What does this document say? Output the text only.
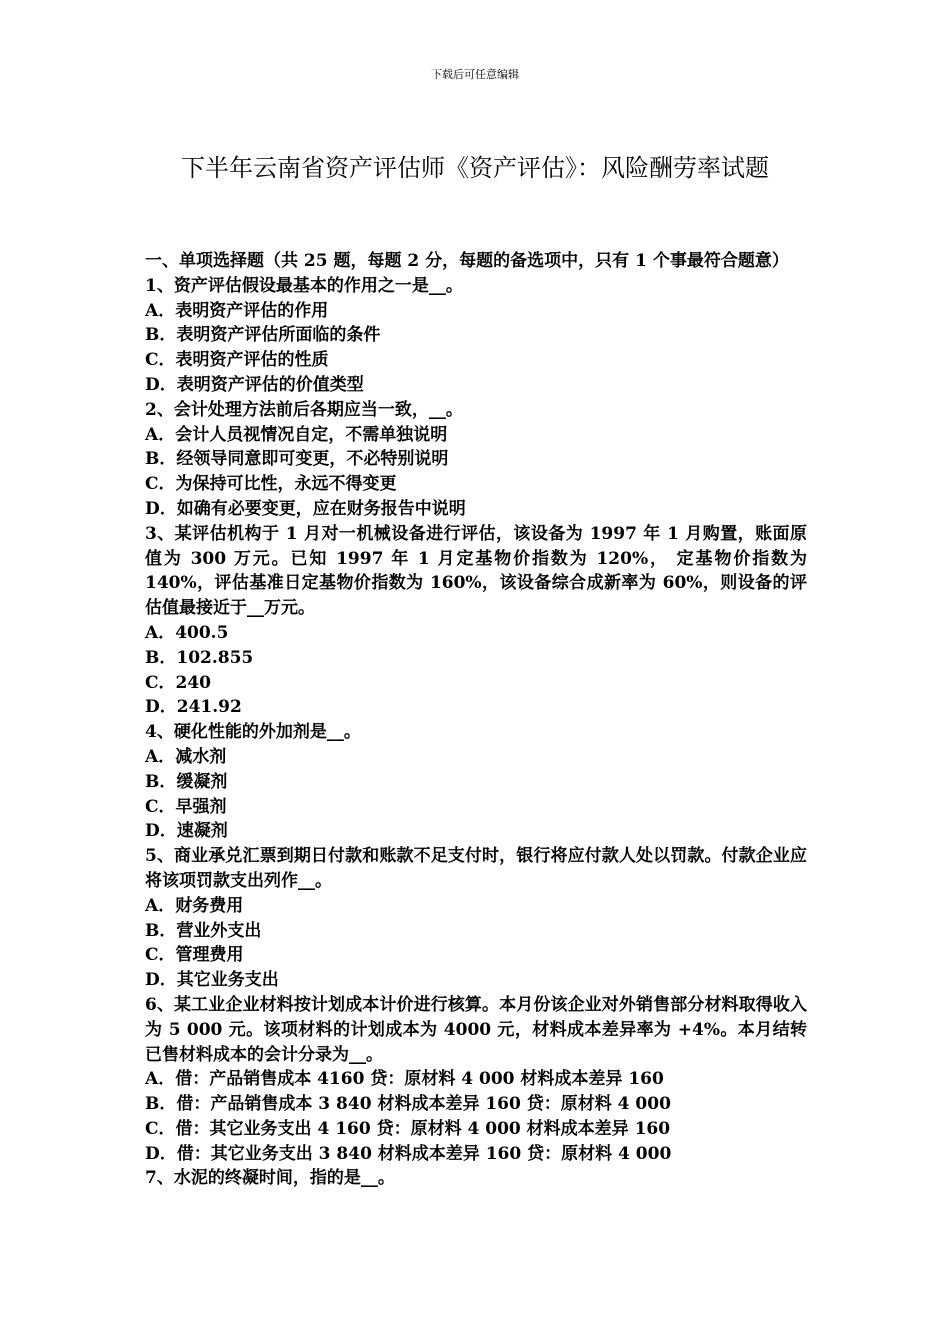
下载后可任意编辑
下半年云南省资产评估师《资产评估》：风险酬劳率试题
一、单项选择题（共 25 题，每题 2 分，每题的备选项中，只有 1 个事最符合题意）
1、资产评估假设最基本的作用之一是__。
A．表明资产评估的作用
B．表明资产评估所面临的条件
C．表明资产评估的性质
D．表明资产评估的价值类型
2、会计处理方法前后各期应当一致，__。
A．会计人员视情况自定，不需单独说明
B．经领导同意即可变更，不必特别说明
C．为保持可比性，永远不得变更
D．如确有必要变更，应在财务报告中说明
3、某评估机构于 1 月对一机械设备进行评估，该设备为 1997 年 1 月购置，账面原值为 300 万元。已知 1997 年 1 月定基物价指数为 120%， 定基物价指数为 140%，评估基准日定基物价指数为 160%，该设备综合成新率为 60%，则设备的评估值最接近于__万元。
A．400.5
B．102.855
C．240
D．241.92
4、硬化性能的外加剂是__。
A．减水剂
B．缓凝剂
C．早强剂
D．速凝剂
5、商业承兑汇票到期日付款和账款不足支付时，银行将应付款人处以罚款。付款企业应将该项罚款支出列作__。
A．财务费用
B．营业外支出
C．管理费用
D．其它业务支出
6、某工业企业材料按计划成本计价进行核算。本月份该企业对外销售部分材料取得收入为 5 000 元。该项材料的计划成本为 4000 元，材料成本差异率为 +4%。本月结转已售材料成本的会计分录为__。
A．借：产品销售成本 4160 贷：原材料 4 000 材料成本差异 160
B．借：产品销售成本 3 840 材料成本差异 160 贷：原材料 4 000
C．借：其它业务支出 4 160 贷：原材料 4 000 材料成本差异 160
D．借：其它业务支出 3 840 材料成本差异 160 贷：原材料 4 000
7、水泥的终凝时间，指的是__。
